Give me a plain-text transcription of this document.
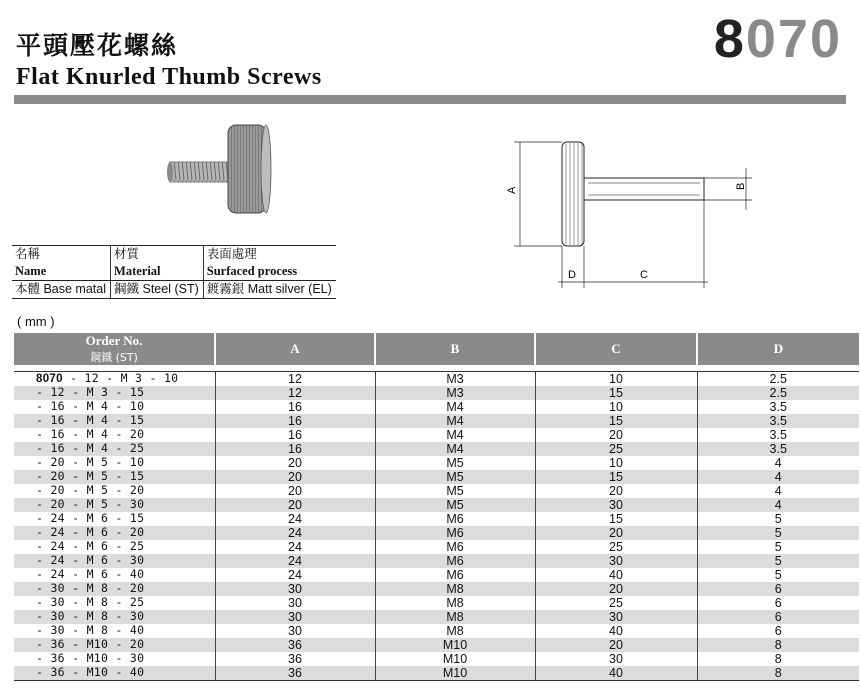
平頭壓花螺絲
Flat Knurled Thumb Screws
8070
A
B
C
D
名稱	材質	表面處理
Name	Material	Surfaced process
本體 Base matal	鋼鐵 Steel (ST)	鍍霧銀 Matt silver (EL)
( mm )
Order No.
鋼鐵 (ST)	A	B	C	D

8070 - 12 - M 3 - 10	12	M3	10	2.5
- 12 - M 3 - 15	12	M3	15	2.5
- 16 - M 4 - 10	16	M4	10	3.5
- 16 - M 4 - 15	16	M4	15	3.5
- 16 - M 4 - 20	16	M4	20	3.5
- 16 - M 4 - 25	16	M4	25	3.5
- 20 - M 5 - 10	20	M5	10	4
- 20 - M 5 - 15	20	M5	15	4
- 20 - M 5 - 20	20	M5	20	4
- 20 - M 5 - 30	20	M5	30	4
- 24 - M 6 - 15	24	M6	15	5
- 24 - M 6 - 20	24	M6	20	5
- 24 - M 6 - 25	24	M6	25	5
- 24 - M 6 - 30	24	M6	30	5
- 24 - M 6 - 40	24	M6	40	5
- 30 - M 8 - 20	30	M8	20	6
- 30 - M 8 - 25	30	M8	25	6
- 30 - M 8 - 30	30	M8	30	6
- 30 - M 8 - 40	30	M8	40	6
- 36 - M10 - 20	36	M10	20	8
- 36 - M10 - 30	36	M10	30	8
- 36 - M10 - 40	36	M10	40	8
